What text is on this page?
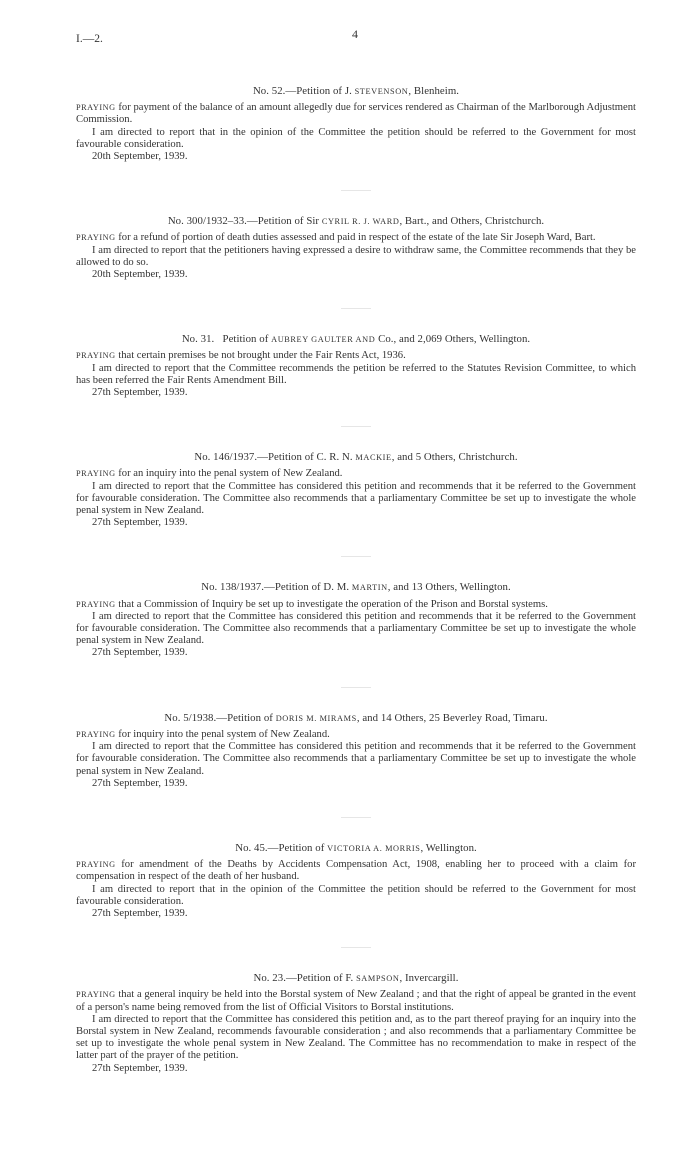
I.—2.	4

No. 52.—Petition of J. STEVENSON, Blenheim.

PRAYING for payment of the balance of an amount allegedly due for services rendered as Chairman of the Marlborough Adjustment Commission.

I am directed to report that in the opinion of the Committee the petition should be referred to the Government for most favourable consideration.

20th September, 1939.

No. 300/1932–33.—Petition of Sir CYRIL R. J. WARD, Bart., and Others, Christchurch.

PRAYING for a refund of portion of death duties assessed and paid in respect of the estate of the late Sir Joseph Ward, Bart.

I am directed to report that the petitioners having expressed a desire to withdraw same, the Committee recommends that they be allowed to do so.

20th September, 1939.

No. 31.   Petition of AUBREY GAULTER AND Co., and 2,069 Others, Wellington.

PRAYING that certain premises be not brought under the Fair Rents Act, 1936.

I am directed to report that the Committee recommends the petition be referred to the Statutes Revision Committee, to which has been referred the Fair Rents Amendment Bill.

27th September, 1939.

No. 146/1937.—Petition of C. R. N. MACKIE, and 5 Others, Christchurch.

PRAYING for an inquiry into the penal system of New Zealand.

I am directed to report that the Committee has considered this petition and recommends that it be referred to the Government for favourable consideration. The Committee also recommends that a parliamentary Committee be set up to investigate the whole penal system in New Zealand.

27th September, 1939.

No. 138/1937.—Petition of D. M. MARTIN, and 13 Others, Wellington.

PRAYING that a Commission of Inquiry be set up to investigate the operation of the Prison and Borstal systems.

I am directed to report that the Committee has considered this petition and recommends that it be referred to the Government for favourable consideration. The Committee also recommends that a parliamentary Committee be set up to investigate the whole penal system in New Zealand.

27th September, 1939.

No. 5/1938.—Petition of DORIS M. MIRAMS, and 14 Others, 25 Beverley Road, Timaru.

PRAYING for inquiry into the penal system of New Zealand.

I am directed to report that the Committee has considered this petition and recommends that it be referred to the Government for favourable consideration. The Committee also recommends that a parliamentary Committee be set up to investigate the whole penal system in New Zealand.

27th September, 1939.

No. 45.—Petition of VICTORIA A. MORRIS, Wellington.

PRAYING for amendment of the Deaths by Accidents Compensation Act, 1908, enabling her to proceed with a claim for compensation in respect of the death of her husband.

I am directed to report that in the opinion of the Committee the petition should be referred to the Government for most favourable consideration.

27th September, 1939.

No. 23.—Petition of F. SAMPSON, Invercargill.

PRAYING that a general inquiry be held into the Borstal system of New Zealand ; and that the right of appeal be granted in the event of a person's name being removed from the list of Official Visitors to Borstal institutions.

I am directed to report that the Committee has considered this petition and, as to the part thereof praying for an inquiry into the Borstal system in New Zealand, recommends favourable consideration ; and also recommends that a parliamentary Committee be set up to investigate the whole penal system in New Zealand. The Committee has no recommendation to make in respect of the latter part of the prayer of the petition.

27th September, 1939.
